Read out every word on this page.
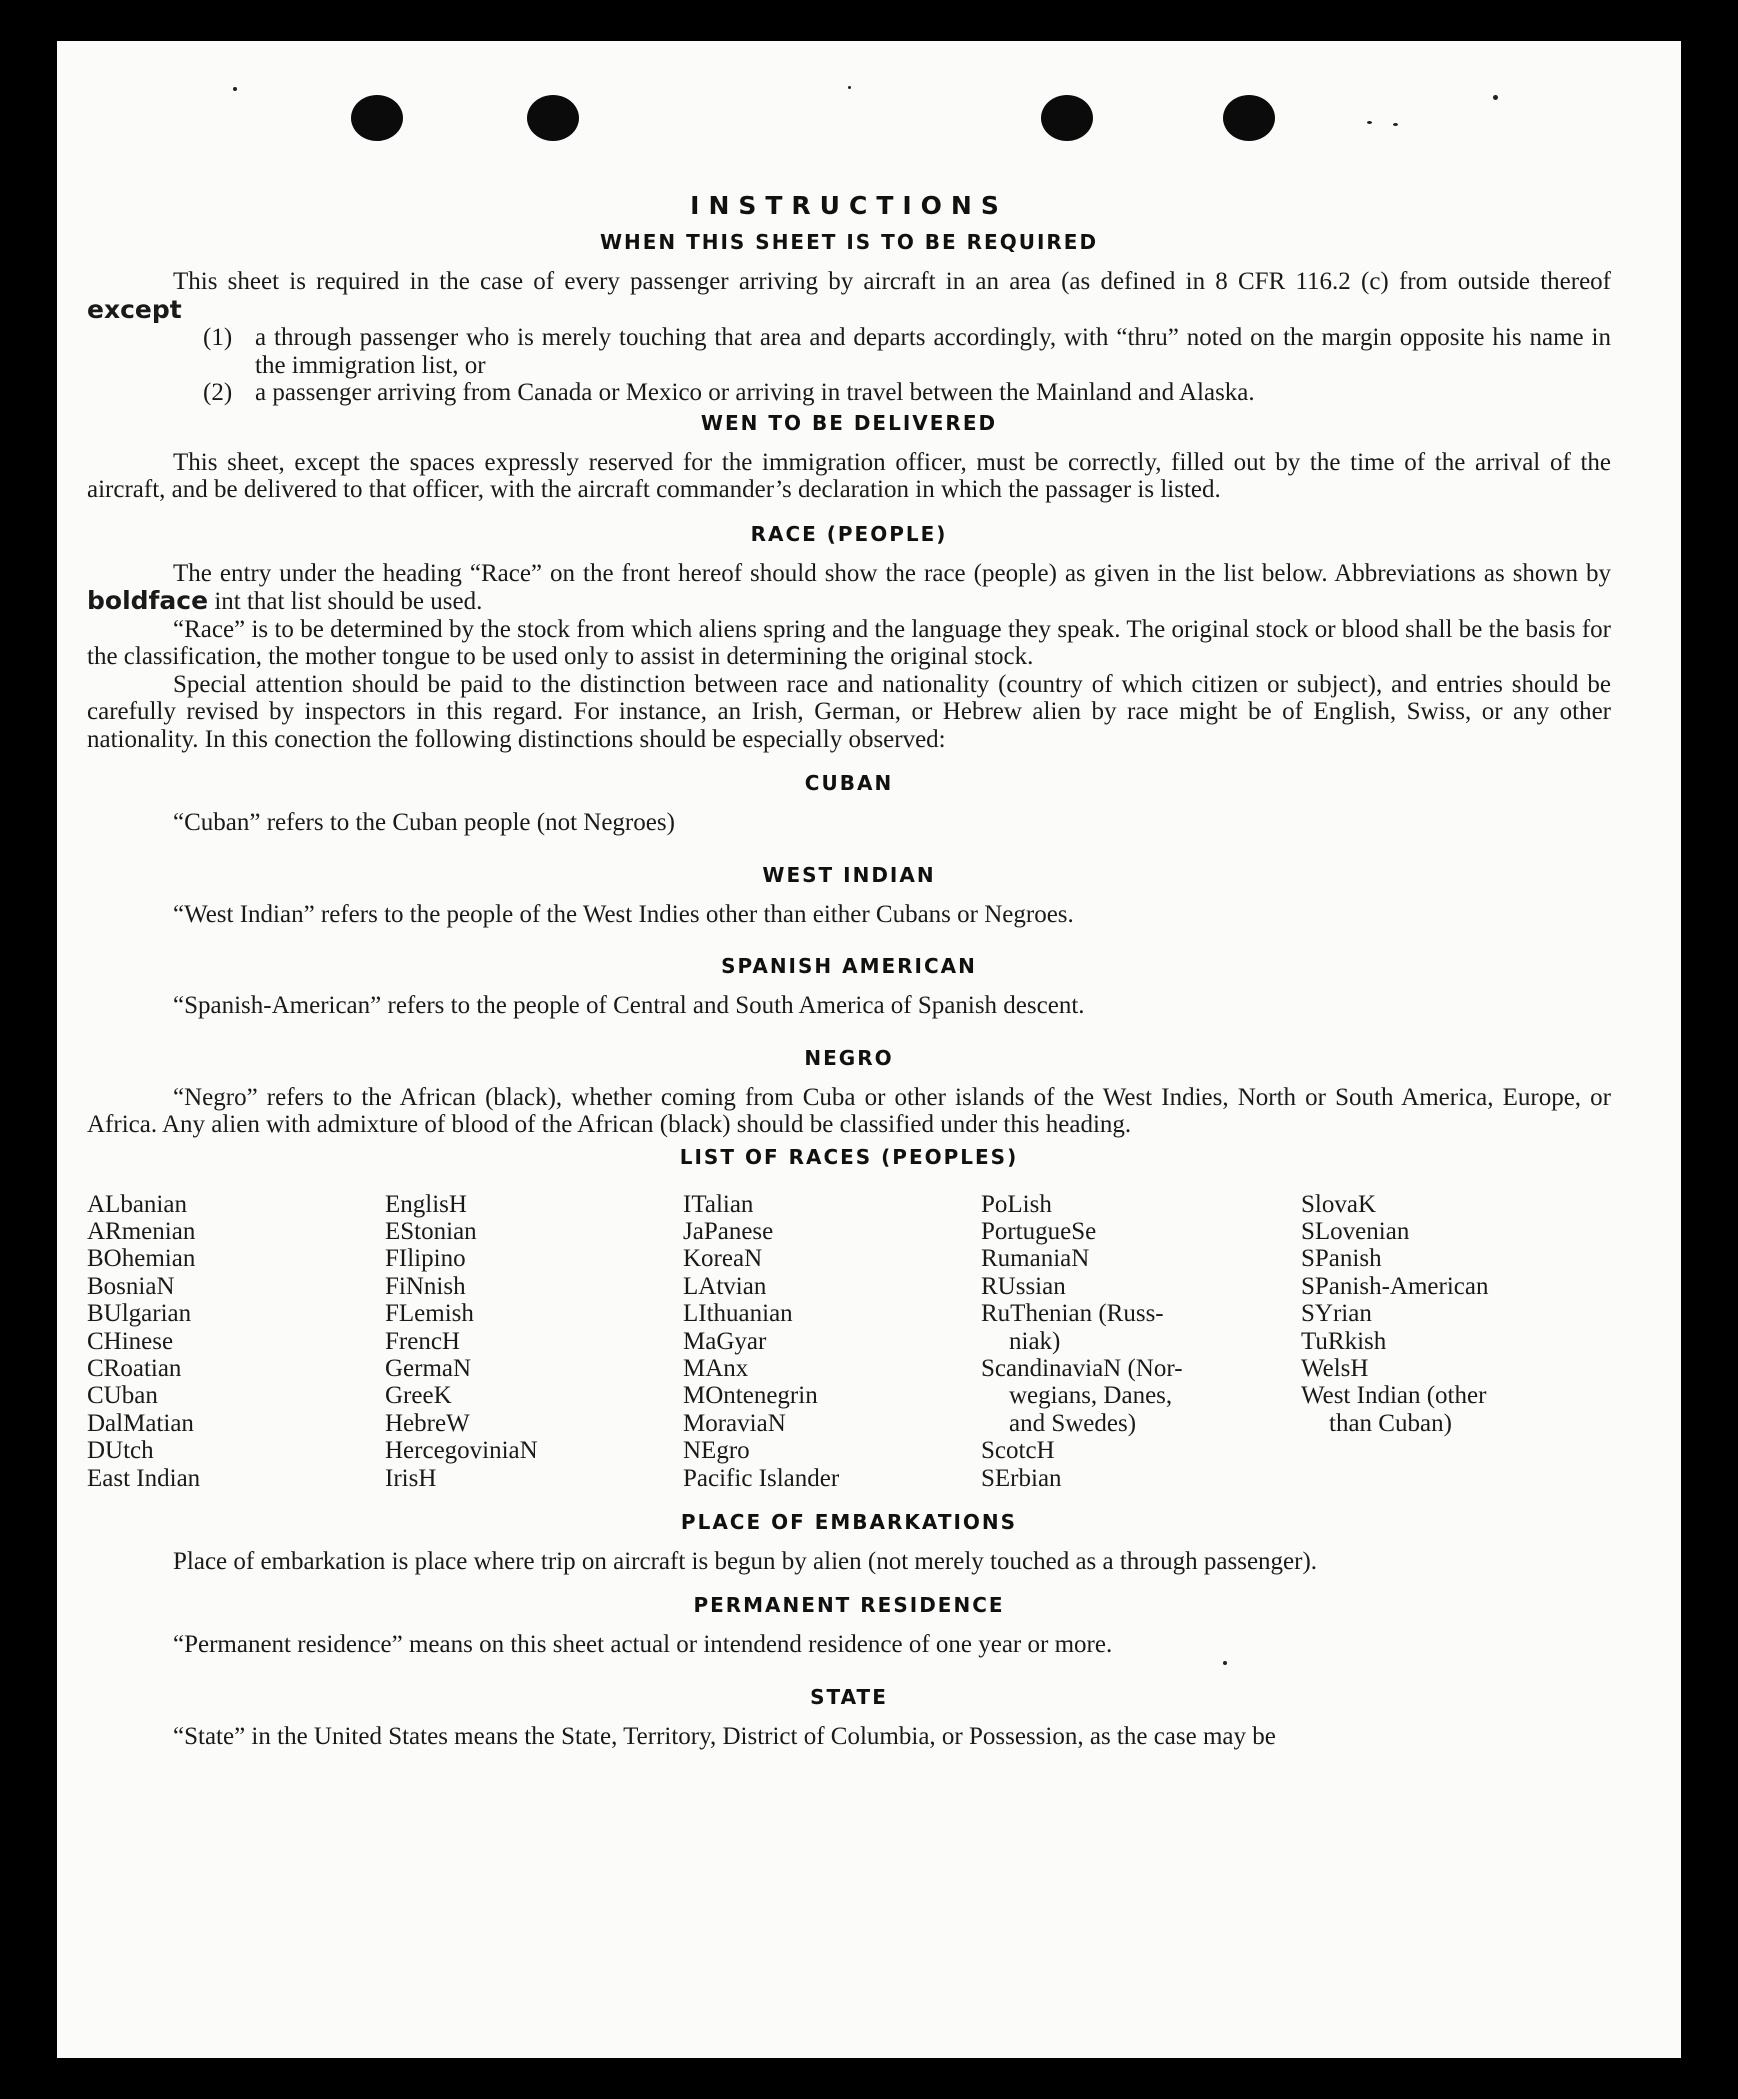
INSTRUCTIONS
WHEN THIS SHEET IS TO BE REQUIRED

This sheet is required in the case of every passenger arriving by aircraft in an area (as defined in 8 CFR 116.2 (c) from outside thereof except

(1) a through passenger who is merely touching that area and departs accordingly, with “thru” noted on the margin opposite his name in the immigration list, or
(2) a passenger arriving from Canada or Mexico or arriving in travel between the Mainland and Alaska.
WEN TO BE DELIVERED

This sheet, except the spaces expressly reserved for the immigration officer, must be correctly, filled out by the time of the arrival of the aircraft, and be delivered to that officer, with the aircraft commander’s declaration in which the passager is listed.

RACE (PEOPLE)

The entry under the heading “Race” on the front hereof should show the race (people) as given in the list below. Abbreviations as shown by boldface int that list should be used.

“Race” is to be determined by the stock from which aliens spring and the language they speak. The original stock or blood shall be the basis for the classification, the mother tongue to be used only to assist in determining the original stock.

Special attention should be paid to the distinction between race and nationality (country of which citizen or subject), and entries should be carefully revised by inspectors in this regard. For instance, an Irish, German, or Hebrew alien by race might be of English, Swiss, or any other nationality. In this conection the following distinctions should be especially observed:

CUBAN

“Cuban” refers to the Cuban people (not Negroes)

WEST INDIAN

“West Indian” refers to the people of the West Indies other than either Cubans or Negroes.

SPANISH AMERICAN

“Spanish-American” refers to the people of Central and South America of Spanish descent.

NEGRO

“Negro” refers to the African (black), whether coming from Cuba or other islands of the West Indies, North or South America, Europe, or Africa. Any alien with admixture of blood of the African (black) should be classified under this heading.

LIST OF RACES (PEOPLES)
ALbanian
ARmenian
BOhemian
BosniaN
BUlgarian
CHinese
CRoatian
CUban
DalMatian
DUtch
East Indian
EnglisH
EStonian
FIlipino
FiNnish
FLemish
FrencH
GermaN
GreeK
HebreW
HercegoviniaN
IrisH
ITalian
JaPanese
KoreaN
LAtvian
LIthuanian
MaGyar
MAnx
MOntenegrin
MoraviaN
NEgro
Pacific Islander
PoLish
PortugueSe
RumaniaN
RUssian
RuThenian (Russ-
niak)
ScandinaviaN (Nor-
wegians, Danes,
and Swedes)
ScotcH
SErbian
SlovaK
SLovenian
SPanish
SPanish-American
SYrian
TuRkish
WelsH
West Indian (other
than Cuban)
PLACE OF EMBARKATIONS

Place of embarkation is place where trip on aircraft is begun by alien (not merely touched as a through passenger).

PERMANENT RESIDENCE

“Permanent residence” means on this sheet actual or intendend residence of one year or more.

STATE

“State” in the United States means the State, Territory, District of Columbia, or Possession, as the case may be
